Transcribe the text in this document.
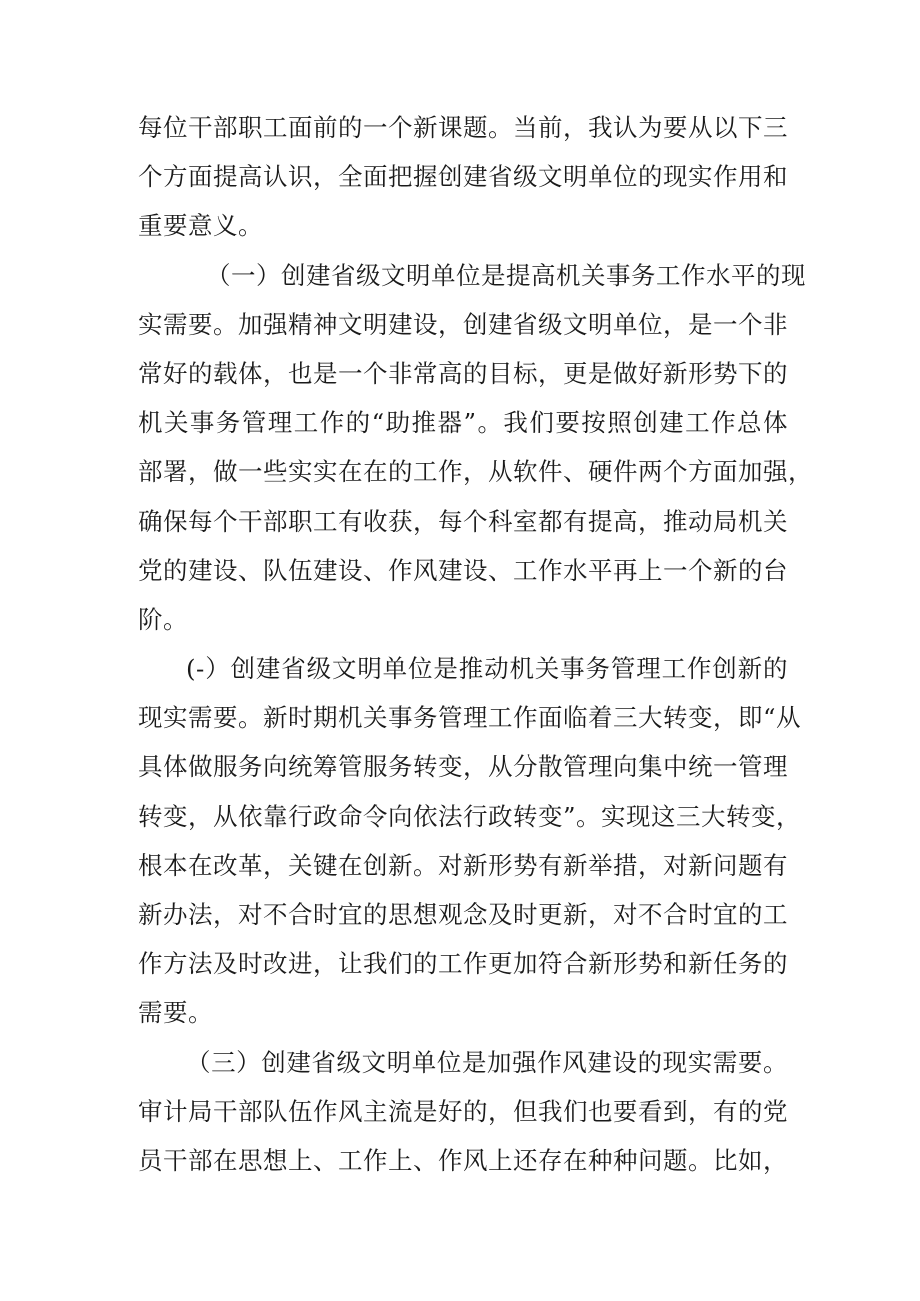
每位干部职工面前的一个新课题。当前，我认为要从以下三
个方面提高认识，全面把握创建省级文明单位的现实作用和
重要意义。
（一）创建省级文明单位是提高机关事务工作水平的现
实需要。加强精神文明建设，创建省级文明单位，是一个非
常好的载体，也是一个非常高的目标，更是做好新形势下的
机关事务管理工作的“助推器”。我们要按照创建工作总体
部署，做一些实实在在的工作，从软件、硬件两个方面加强，
确保每个干部职工有收获，每个科室都有提高，推动局机关
党的建设、队伍建设、作风建设、工作水平再上一个新的台
阶。
(-）创建省级文明单位是推动机关事务管理工作创新的
现实需要。新时期机关事务管理工作面临着三大转变，即“从
具体做服务向统筹管服务转变，从分散管理向集中统一管理
转变，从依靠行政命令向依法行政转变”。实现这三大转变，
根本在改革，关键在创新。对新形势有新举措，对新问题有
新办法，对不合时宜的思想观念及时更新，对不合时宜的工
作方法及时改进，让我们的工作更加符合新形势和新任务的
需要。
（三）创建省级文明单位是加强作风建设的现实需要。
审计局干部队伍作风主流是好的，但我们也要看到，有的党
员干部在思想上、工作上、作风上还存在种种问题。比如，
